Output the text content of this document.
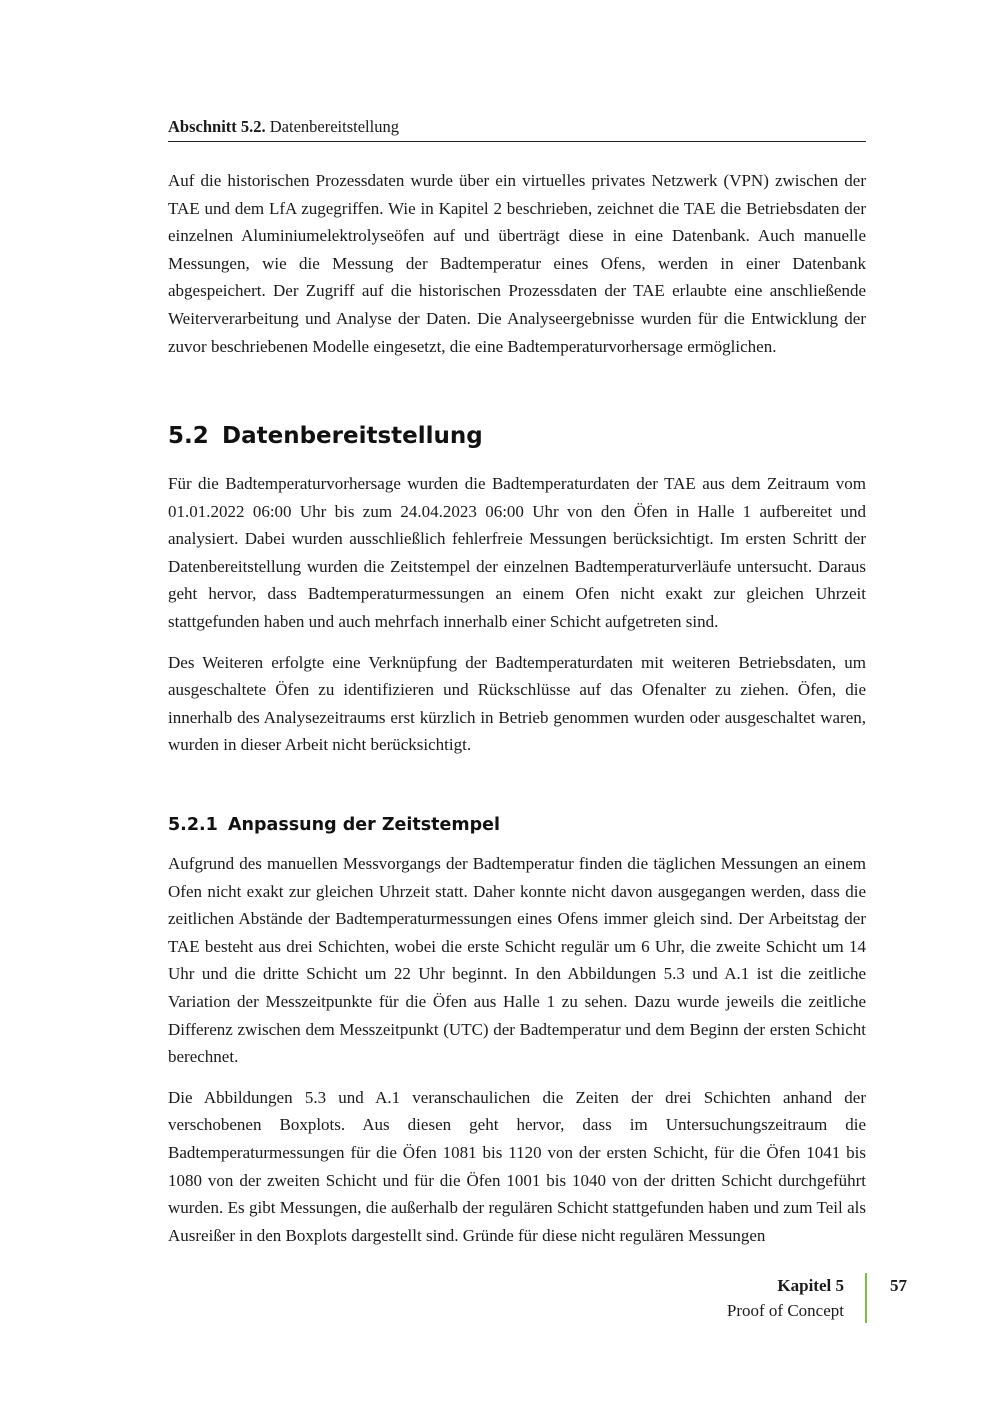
Abschnitt 5.2. Datenbereitstellung

Auf die historischen Prozessdaten wurde über ein virtuelles privates Netzwerk (VPN) zwischen der TAE und dem LfA zugegriffen. Wie in Kapitel 2 beschrieben, zeichnet die TAE die Betriebsdaten der einzelnen Aluminiumelektrolyseöfen auf und überträgt diese in eine Datenbank. Auch manuelle Messungen, wie die Messung der Badtemperatur eines Ofens, werden in einer Datenbank abgespeichert. Der Zugriff auf die historischen Prozessdaten der TAE erlaubte eine anschließende Weiterverarbeitung und Analyse der Daten. Die Analyseergebnisse wurden für die Entwicklung der zuvor beschriebenen Modelle eingesetzt, die eine Badtemperaturvorhersage ermöglichen.

5.2 Datenbereitstellung

Für die Badtemperaturvorhersage wurden die Badtemperaturdaten der TAE aus dem Zeitraum vom 01.01.2022 06:00 Uhr bis zum 24.04.2023 06:00 Uhr von den Öfen in Halle 1 aufbereitet und analysiert. Dabei wurden ausschließlich fehlerfreie Messungen berücksichtigt. Im ersten Schritt der Datenbereitstellung wurden die Zeitstempel der einzelnen Badtemperaturverläufe untersucht. Daraus geht hervor, dass Badtemperaturmessungen an einem Ofen nicht exakt zur gleichen Uhrzeit stattgefunden haben und auch mehrfach innerhalb einer Schicht aufgetreten sind.

Des Weiteren erfolgte eine Verknüpfung der Badtemperaturdaten mit weiteren Betriebsdaten, um ausgeschaltete Öfen zu identifizieren und Rückschlüsse auf das Ofenalter zu ziehen. Öfen, die innerhalb des Analysezeitraums erst kürzlich in Betrieb genommen wurden oder ausgeschaltet waren, wurden in dieser Arbeit nicht berücksichtigt.

5.2.1 Anpassung der Zeitstempel

Aufgrund des manuellen Messvorgangs der Badtemperatur finden die täglichen Messungen an einem Ofen nicht exakt zur gleichen Uhrzeit statt. Daher konnte nicht davon ausgegangen werden, dass die zeitlichen Abstände der Badtemperaturmessungen eines Ofens immer gleich sind. Der Arbeitstag der TAE besteht aus drei Schichten, wobei die erste Schicht regulär um 6 Uhr, die zweite Schicht um 14 Uhr und die dritte Schicht um 22 Uhr beginnt. In den Abbildungen 5.3 und A.1 ist die zeitliche Variation der Messzeitpunkte für die Öfen aus Halle 1 zu sehen. Dazu wurde jeweils die zeitliche Differenz zwischen dem Messzeitpunkt (UTC) der Badtemperatur und dem Beginn der ersten Schicht berechnet.

Die Abbildungen 5.3 und A.1 veranschaulichen die Zeiten der drei Schichten anhand der verschobenen Boxplots. Aus diesen geht hervor, dass im Untersuchungszeitraum die Badtemperaturmessungen für die Öfen 1081 bis 1120 von der ersten Schicht, für die Öfen 1041 bis 1080 von der zweiten Schicht und für die Öfen 1001 bis 1040 von der dritten Schicht durchgeführt wurden. Es gibt Messungen, die außerhalb der regulären Schicht stattgefunden haben und zum Teil als Ausreißer in den Boxplots dargestellt sind. Gründe für diese nicht regulären Messungen

Kapitel 5
Proof of Concept
57
